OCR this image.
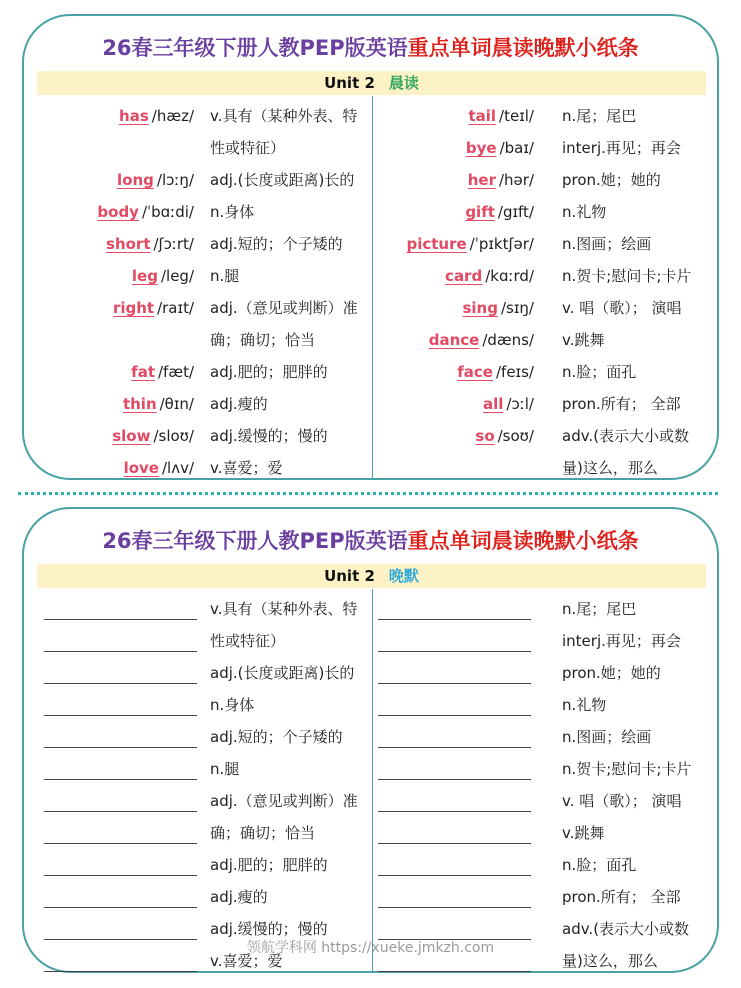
26春三年级下册人教PEP版英语重点单词晨读晚默小纸条
Unit 2 晨读
has /hæz/ v.具有（某种外表、特
性或特征）
long /lɔːŋ/ adj.(长度或距离)长的
body /ˈbɑːdi/ n.身体
short /ʃɔːrt/ adj.短的；个子矮的
leg /leg/ n.腿
right /raɪt/ adj.（意见或判断）准
确；确切；恰当
fat /fæt/ adj.肥的；肥胖的
thin /θɪn/ adj.瘦的
slow /sloʊ/ adj.缓慢的；慢的
love /lʌv/ v.喜爱；爱
tail /teɪl/ n.尾；尾巴
bye /baɪ/ interj.再见；再会
her /hər/ pron.她；她的
gift /gɪft/ n.礼物
picture /ˈpɪktʃər/ n.图画；绘画
card /kɑːrd/ n.贺卡;慰问卡;卡片
sing /sɪŋ/ v. 唱（歌）； 演唱
dance /dæns/ v.跳舞
face /feɪs/ n.脸；面孔
all /ɔːl/ pron.所有； 全部
so /soʊ/ adv.(表示大小或数
量)这么，那么
26春三年级下册人教PEP版英语重点单词晨读晚默小纸条
Unit 2 晚默
v.具有（某种外表、特
性或特征）
adj.(长度或距离)长的
n.身体
adj.短的；个子矮的
n.腿
adj.（意见或判断）准
确；确切；恰当
adj.肥的；肥胖的
adj.瘦的
adj.缓慢的；慢的
v.喜爱；爱
n.尾；尾巴
interj.再见；再会
pron.她；她的
n.礼物
n.图画；绘画
n.贺卡;慰问卡;卡片
v. 唱（歌）； 演唱
v.跳舞
n.脸；面孔
pron.所有； 全部
adv.(表示大小或数
量)这么，那么
领航学科网 https://xueke.jmkzh.com
